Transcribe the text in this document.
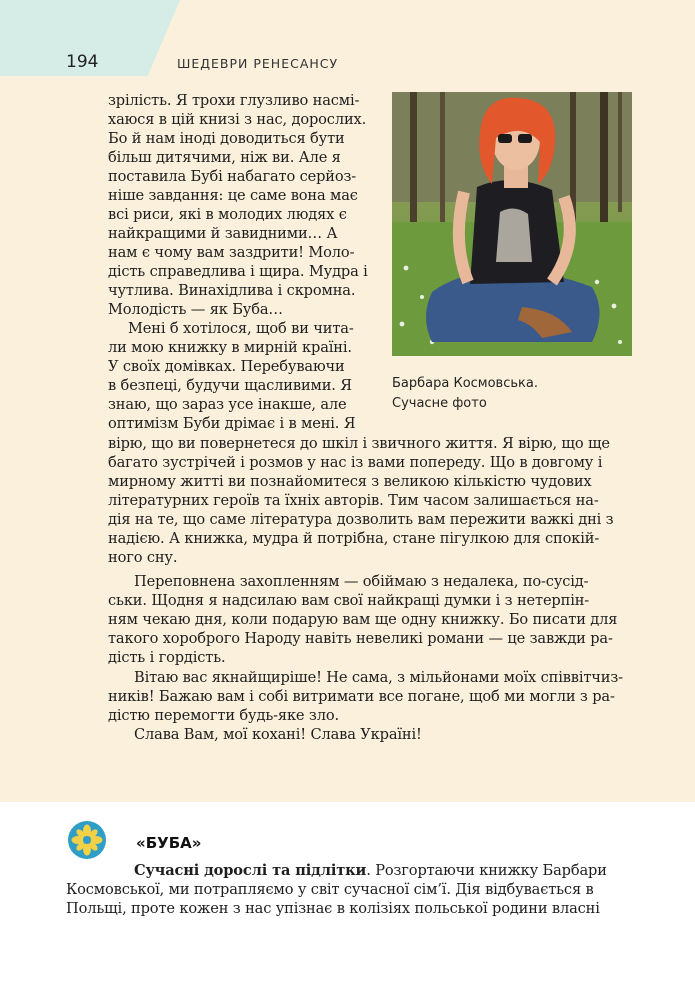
194	ШЕДЕВРИ РЕНЕСАНСУ
Барбара Космовська.
Сучасне фото
зрілість. Я трохи глузливо насмі-
хаюся в цій книзі з нас, дорослих.
Бо й нам іноді доводиться бути
більш дитячими, ніж ви. Але я
поставила Бубі набагато серйоз-
ніше завдання: це саме вона має
всі риси, які в молодих людях є
найкращими й завидними… А
нам є чому вам заздрити! Моло-
дість справедлива і щира. Мудра і
чутлива. Винахідлива і скромна.
Молодість — як Буба…
Мені б хотілося, щоб ви чита-
ли мою книжку в мирній країні.
У своїх домівках. Перебуваючи
в безпеці, будучи щасливими. Я
знаю, що зараз усе інакше, але
оптимізм Буби дрімає і в мені. Я
вірю, що ви повернетеся до шкіл і звичного життя. Я вірю, що ще
багато зустрічей і розмов у нас із вами попереду. Що в довгому і
мирному житті ви познайомитеся з великою кількістю чудових
літературних героїв та їхніх авторів. Тим часом залишається на-
дія на те, що саме література дозволить вам пережити важкі дні з
надією. А книжка, мудра й потрібна, стане пігулкою для спокій-
ного сну.
Переповнена захопленням — обіймаю з недалека, по-сусід-
ськи. Щодня я надсилаю вам свої найкращі думки і з нетерпін-
ням чекаю дня, коли подарую вам ще одну книжку. Бо писати для
такого хороброго Народу навіть невеликі романи — це завжди ра-
дість і гордість.
Вітаю вас якнайщиріше! Не сама, з мільйонами моїх співвітчиз-
ників! Бажаю вам і собі витримати все погане, щоб ми могли з ра-
дістю перемогти будь-яке зло.
Слава Вам, мої кохані! Слава Україні!
«БУБА»
Сучасні дорослі та підлітки. Розгортаючи книжку Барбари
Космовської, ми потрапляємо у світ сучасної сім’ї. Дія відбувається в
Польщі, проте кожен з нас упізнає в колізіях польської родини власні
